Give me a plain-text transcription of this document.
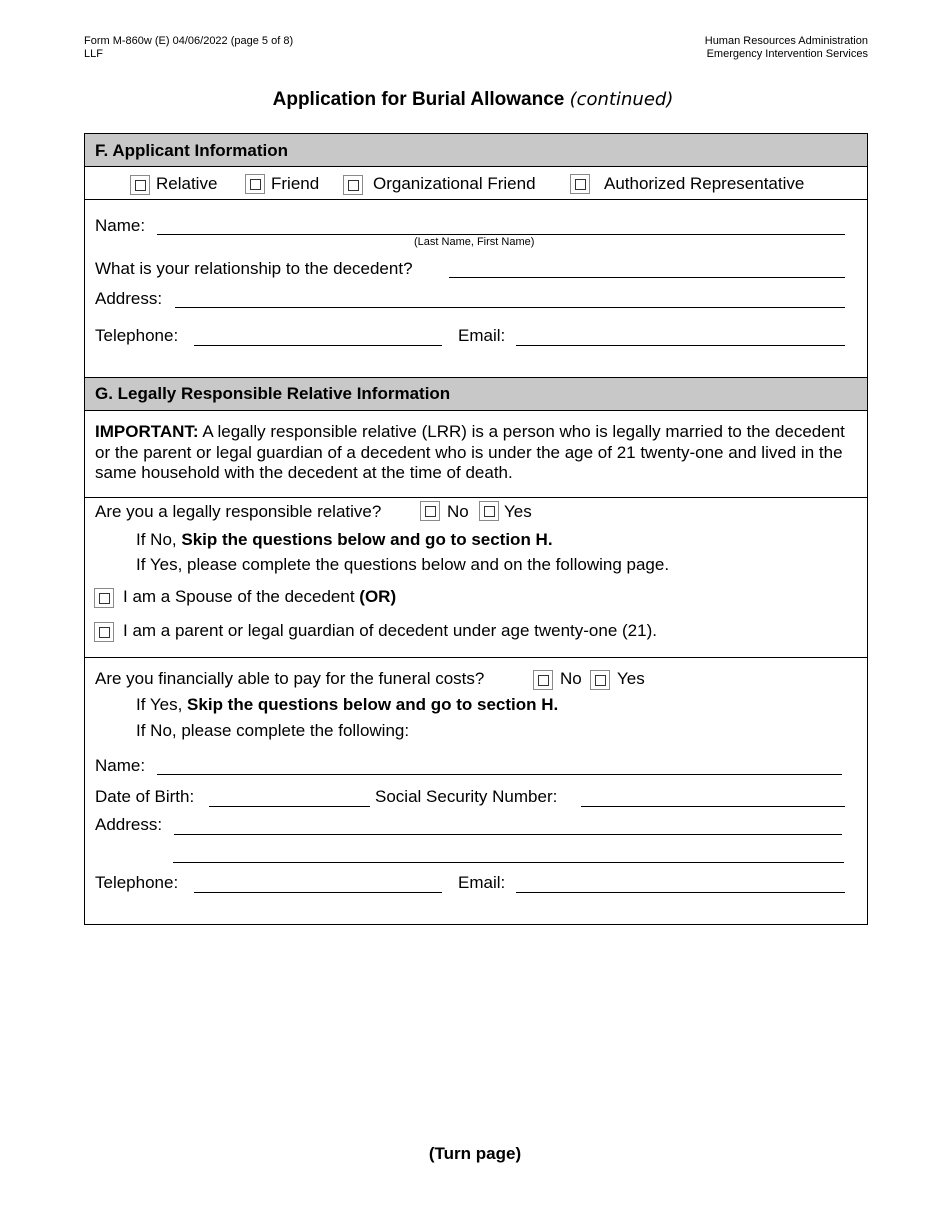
Form M-860w (E) 04/06/2022 (page 5 of 8)
LLF
Human Resources Administration
Emergency Intervention Services
Application for Burial Allowance (continued)
F. Applicant Information
Relative	Friend	Organizational Friend	Authorized Representative
Name:
(Last Name, First Name)
What is your relationship to the decedent?
Address:
Telephone:	Email:
G. Legally Responsible Relative Information
IMPORTANT: A legally responsible relative (LRR) is a person who is legally married to the decedent or the parent or legal guardian of a decedent who is under the age of 21 twenty-one and lived in the same household with the decedent at the time of death.
Are you a legally responsible relative?	No Yes
If No, Skip the questions below and go to section H.
If Yes, please complete the questions below and on the following page.
I am a Spouse of the decedent (OR)
I am a parent or legal guardian of decedent under age twenty-one (21).
Are you financially able to pay for the funeral costs?	No Yes
If Yes, Skip the questions below and go to section H.
If No, please complete the following:
Name:
Date of Birth:	Social Security Number:
Address:
Telephone:	Email:
(Turn page)
